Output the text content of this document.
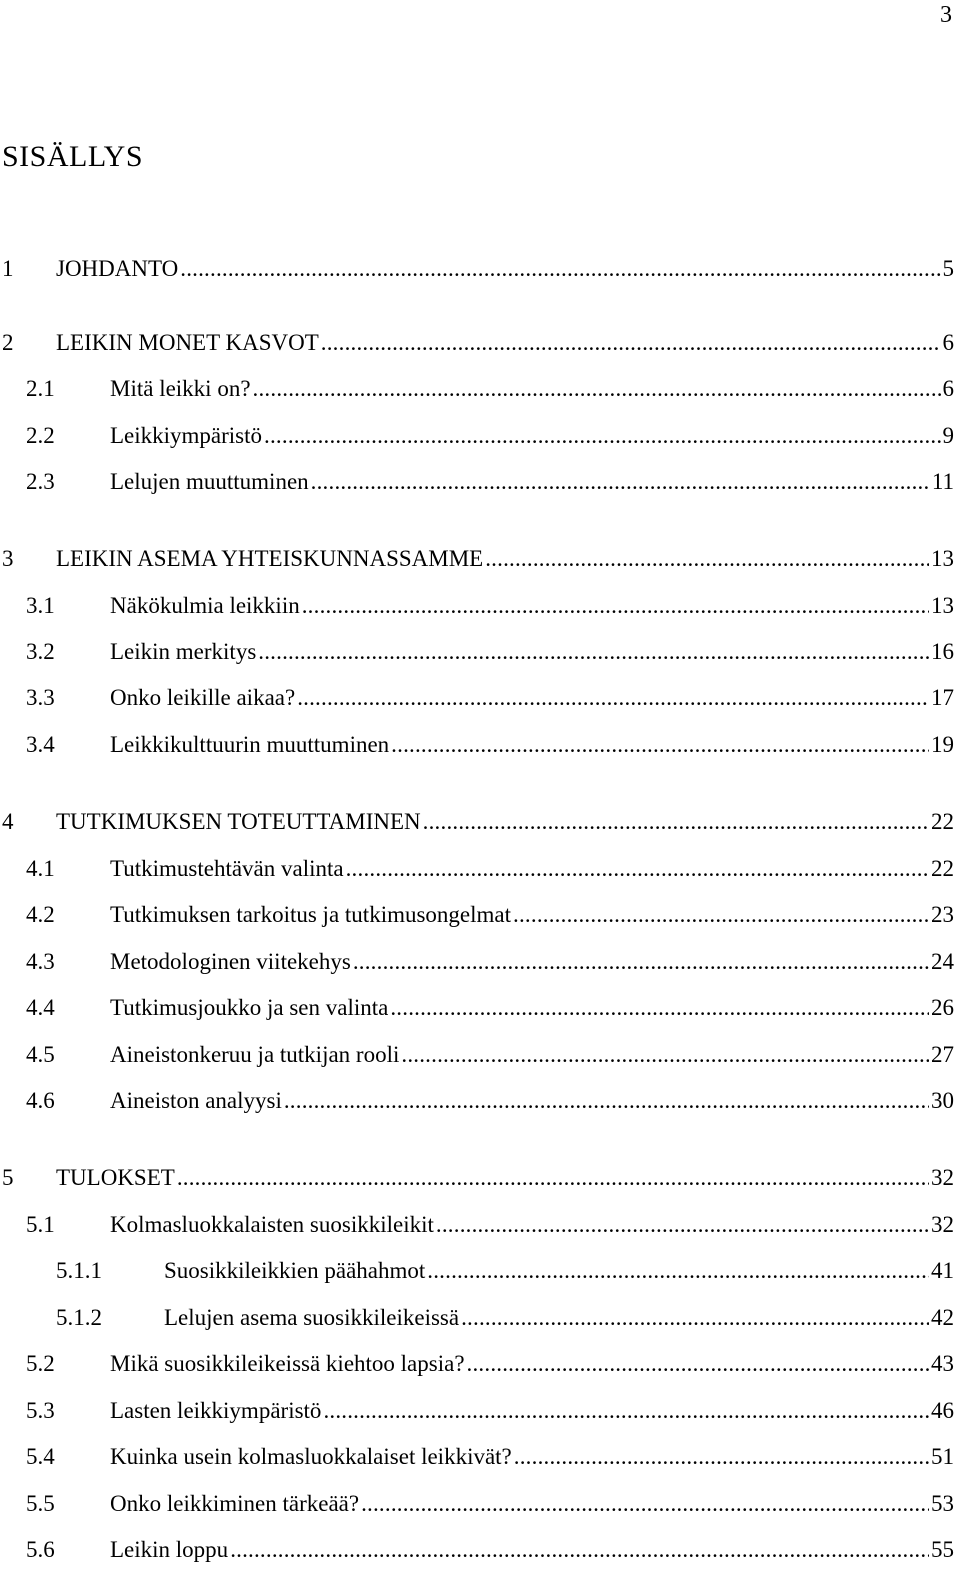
3
SISÄLLYS
1	JOHDANTO .....	5
2	LEIKIN MONET KASVOT .....	6
2.1	Mitä leikki on? .....	6
2.2	Leikkiympäristö .....	9
2.3	Lelujen muuttuminen .....	11
3	LEIKIN ASEMA YHTEISKUNNASSAMME .....	13
3.1	Näkökulmia leikkiin .....	13
3.2	Leikin merkitys .....	16
3.3	Onko leikille aikaa? .....	17
3.4	Leikkikulttuurin muuttuminen .....	19
4	TUTKIMUKSEN TOTEUTTAMINEN .....	22
4.1	Tutkimustehtävän valinta .....	22
4.2	Tutkimuksen tarkoitus ja tutkimusongelmat .....	23
4.3	Metodologinen viitekehys .....	24
4.4	Tutkimusjoukko ja sen valinta .....	26
4.5	Aineistonkeruu ja tutkijan rooli .....	27
4.6	Aineiston analyysi .....	30
5	TULOKSET .....	32
5.1	Kolmasluokkalaisten suosikkileikit .....	32
5.1.1	Suosikkileikkien päähahmot .....	41
5.1.2	Lelujen asema suosikkileikeissä .....	42
5.2	Mikä suosikkileikeissä kiehtoo lapsia? .....	43
5.3	Lasten leikkiympäristö .....	46
5.4	Kuinka usein kolmasluokkalaiset leikkivät? .....	51
5.5	Onko leikkiminen tärkeää? .....	53
5.6	Leikin loppu .....	55
